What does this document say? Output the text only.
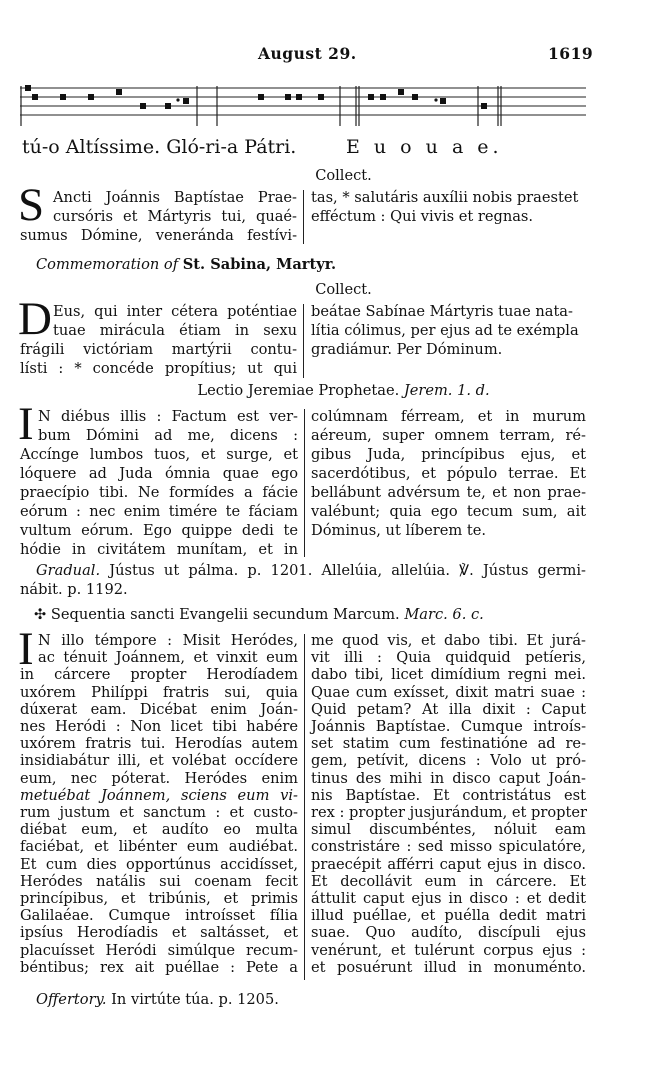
August 29.	1619
tú-o Altíssime. Gló-ri-a Pátri.	E u o u a e.
Collect.
S Ancti Joánnis Baptístae Prae-
cursóris et Mártyris tui, quaé-
sumus Dómine, veneránda festívi-
tas, * salutáris auxílii nobis praestet
efféctum : Qui vivis et regnas.
Commemoration of St. Sabina, Martyr.
Collect.
D Eus, qui inter cétera poténtiae
tuae mirácula étiam in sexu
frágili victóriam martýrii contu-
lísti : * concéde propítius; ut qui
beátae Sabínae Mártyris tuae nata-
lítia cólimus, per ejus ad te exémpla
gradiámur. Per Dóminum.
Lectio Jeremiae Prophetae. Jerem. 1. d.
I N diébus illis : Factum est ver-
bum Dómini ad me, dicens :
Accínge lumbos tuos, et surge, et
lóquere ad Juda ómnia quae ego
praecípio tibi. Ne formídes a fácie
eórum : nec enim timére te fáciam
vultum eórum. Ego quippe dedi te
hódie in civitátem munítam, et in
colúmnam férream, et in murum
aéreum, super omnem terram, ré-
gibus Juda, princípibus ejus, et
sacerdótibus, et pópulo terrae. Et
bellábunt advérsum te, et non prae-
valébunt; quia ego tecum sum, ait
Dóminus, ut líberem te.
Gradual. Jústus ut pálma. p. 1201. Allelúia, allelúia. ℣. Jústus germi-
nábit. p. 1192.
✣ Sequentia sancti Evangelii secundum Marcum. Marc. 6. c.
I N illo témpore : Misit Heródes,
ac ténuit Joánnem, et vinxit eum
in cárcere propter Herodíadem
uxórem Philíppi fratris sui, quia
dúxerat eam. Dicébat enim Joán-
nes Heródi : Non licet tibi habére
uxórem fratris tui. Herodías autem
insidiabátur illi, et volébat occídere
eum, nec póterat. Heródes enim
metuébat Joánnem, sciens eum vi-
rum justum et sanctum : et custo-
diébat eum, et audíto eo multa
faciébat, et libénter eum audiébat.
Et cum dies opportúnus accidísset,
Heródes natális sui coenam fecit
princípibus, et tribúnis, et primis
Galilaéae. Cumque introísset fília
ipsíus Herodíadis et saltásset, et
placuísset Heródi simúlque recum-
béntibus; rex ait puéllae : Pete a
me quod vis, et dabo tibi. Et jurá-
vit illi : Quia quidquid petíeris,
dabo tibi, licet dimídium regni mei.
Quae cum exísset, dixit matri suae :
Quid petam? At illa dixit : Caput
Joánnis Baptístae. Cumque introís-
set statim cum festinatióne ad re-
gem, petívit, dicens : Volo ut pró-
tinus des mihi in disco caput Joán-
nis Baptístae. Et contristátus est
rex : propter jusjurándum, et propter
simul discumbéntes, nóluit eam
constristáre : sed misso spiculatóre,
praecépit afférri caput ejus in disco.
Et decollávit eum in cárcere. Et
áttulit caput ejus in disco : et dedit
illud puéllae, et puélla dedit matri
suae. Quo audíto, discípuli ejus
venérunt, et tulérunt corpus ejus :
et posuérunt illud in monuménto.
Offertory. In virtúte túa. p. 1205.
